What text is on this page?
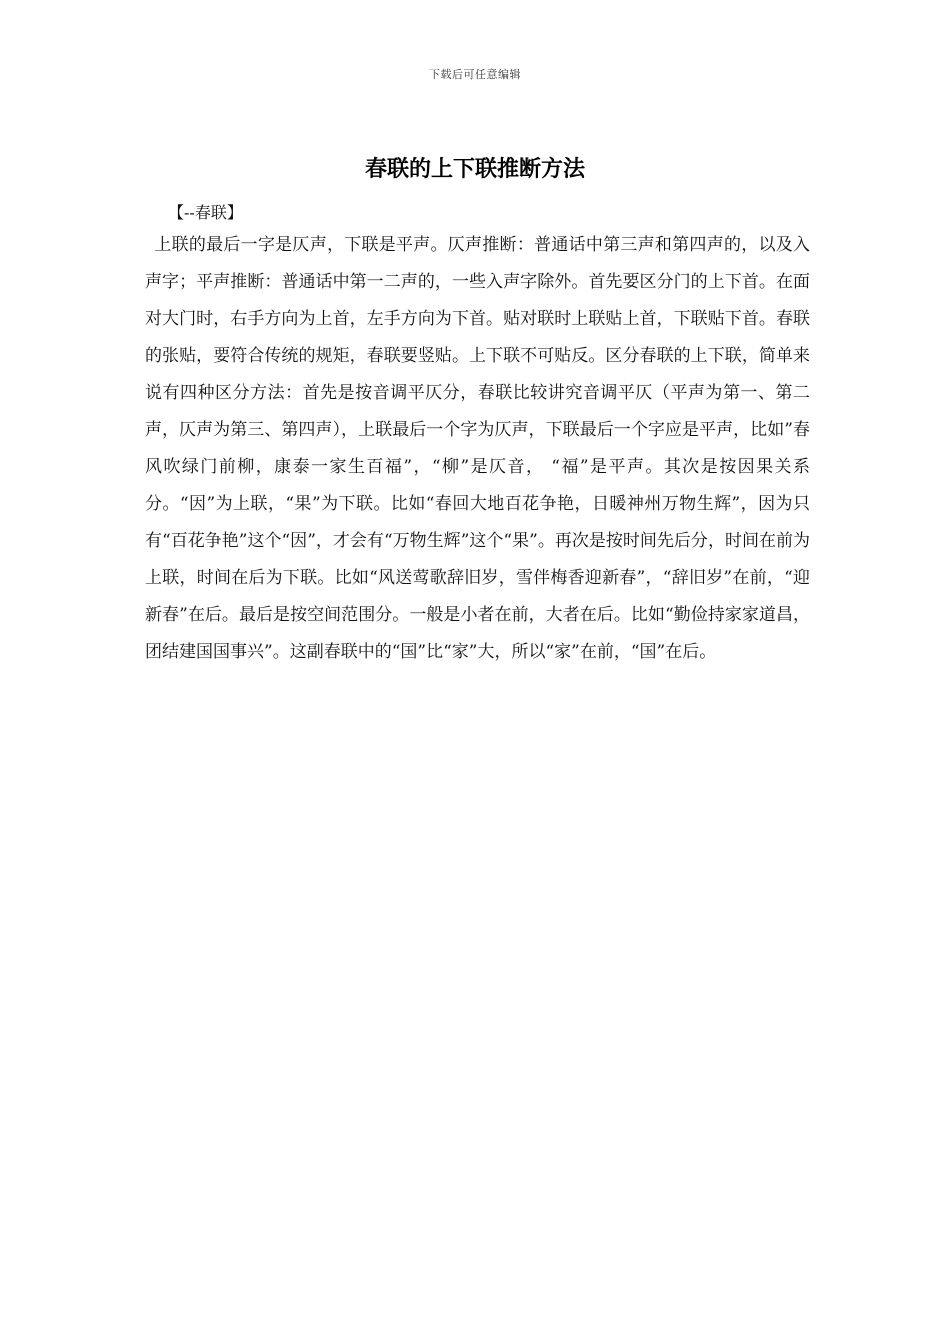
下载后可任意编辑
春联的上下联推断方法
【--春联】
上联的最后一字是仄声，下联是平声。仄声推断：普通话中第三声和第四声的，以及入声字；平声推断：普通话中第一二声的，一些入声字除外。首先要区分门的上下首。在面对大门时，右手方向为上首，左手方向为下首。贴对联时上联贴上首，下联贴下首。春联的张贴，要符合传统的规矩，春联要竖贴。上下联不可贴反。区分春联的上下联，简单来说有四种区分方法：首先是按音调平仄分，春联比较讲究音调平仄（平声为第一、第二声，仄声为第三、第四声），上联最后一个字为仄声，下联最后一个字应是平声，比如”春风吹绿门前柳，康泰一家生百福”，“柳”是仄音， “福”是平声。其次是按因果关系分。“因”为上联，“果”为下联。比如“春回大地百花争艳，日暖神州万物生辉”，因为只有“百花争艳”这个“因”，才会有“万物生辉”这个“果”。再次是按时间先后分，时间在前为上联，时间在后为下联。比如“风送莺歌辞旧岁，雪伴梅香迎新春”，“辞旧岁”在前，“迎新春”在后。最后是按空间范围分。一般是小者在前，大者在后。比如“勤俭持家家道昌，团结建国国事兴”。这副春联中的“国”比“家”大，所以“家”在前，“国”在后。
